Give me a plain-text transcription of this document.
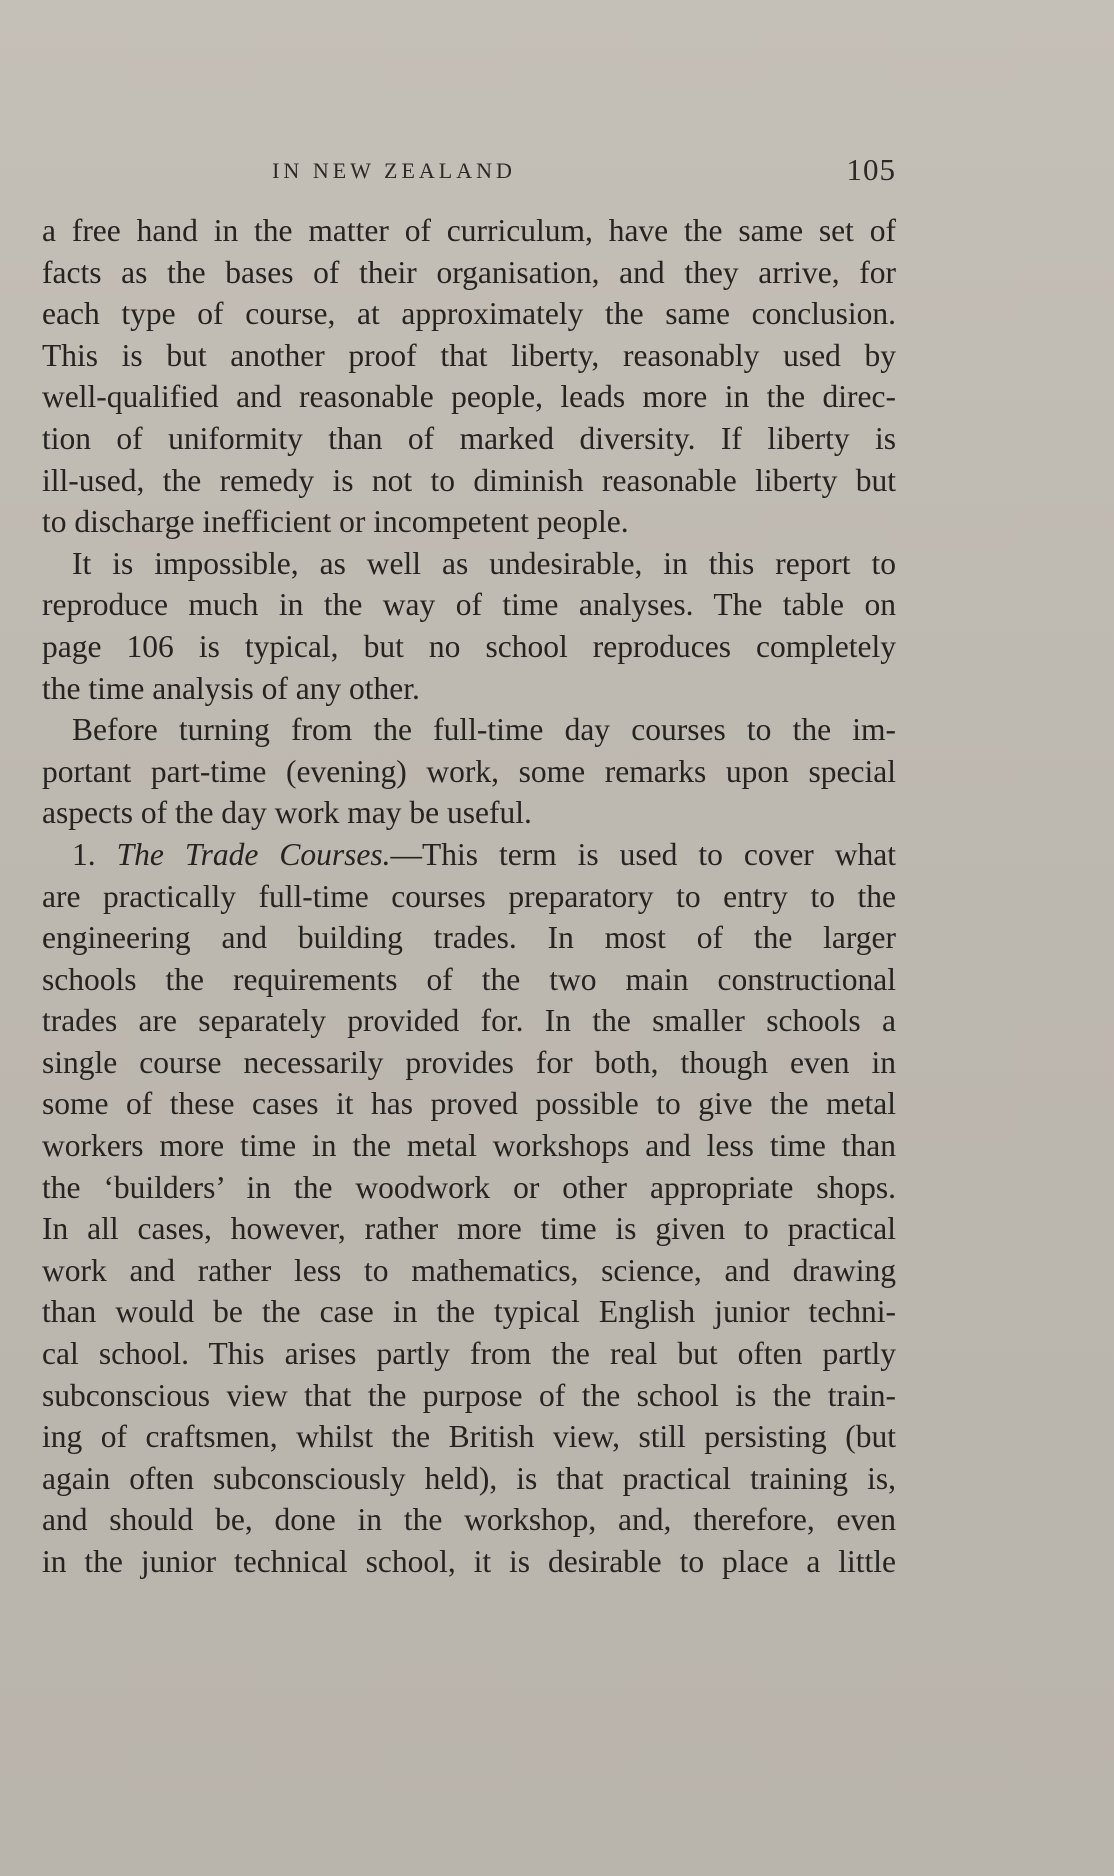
IN NEW ZEALAND	105
a free hand in the matter of curriculum, have the same set of
facts as the bases of their organisation, and they arrive, for
each type of course, at approximately the same conclusion.
This is but another proof that liberty, reasonably used by
well-qualified and reasonable people, leads more in the direc-
tion of uniformity than of marked diversity. If liberty is
ill-used, the remedy is not to diminish reasonable liberty but
to discharge inefficient or incompetent people.
It is impossible, as well as undesirable, in this report to
reproduce much in the way of time analyses. The table on
page 106 is typical, but no school reproduces completely
the time analysis of any other.
Before turning from the full-time day courses to the im-
portant part-time (evening) work, some remarks upon special
aspects of the day work may be useful.
1. The Trade Courses.—This term is used to cover what
are practically full-time courses preparatory to entry to the
engineering and building trades. In most of the larger
schools the requirements of the two main constructional
trades are separately provided for. In the smaller schools a
single course necessarily provides for both, though even in
some of these cases it has proved possible to give the metal
workers more time in the metal workshops and less time than
the ‘builders’ in the woodwork or other appropriate shops.
In all cases, however, rather more time is given to practical
work and rather less to mathematics, science, and drawing
than would be the case in the typical English junior techni-
cal school. This arises partly from the real but often partly
subconscious view that the purpose of the school is the train-
ing of craftsmen, whilst the British view, still persisting (but
again often subconsciously held), is that practical training is,
and should be, done in the workshop, and, therefore, even
in the junior technical school, it is desirable to place a little
